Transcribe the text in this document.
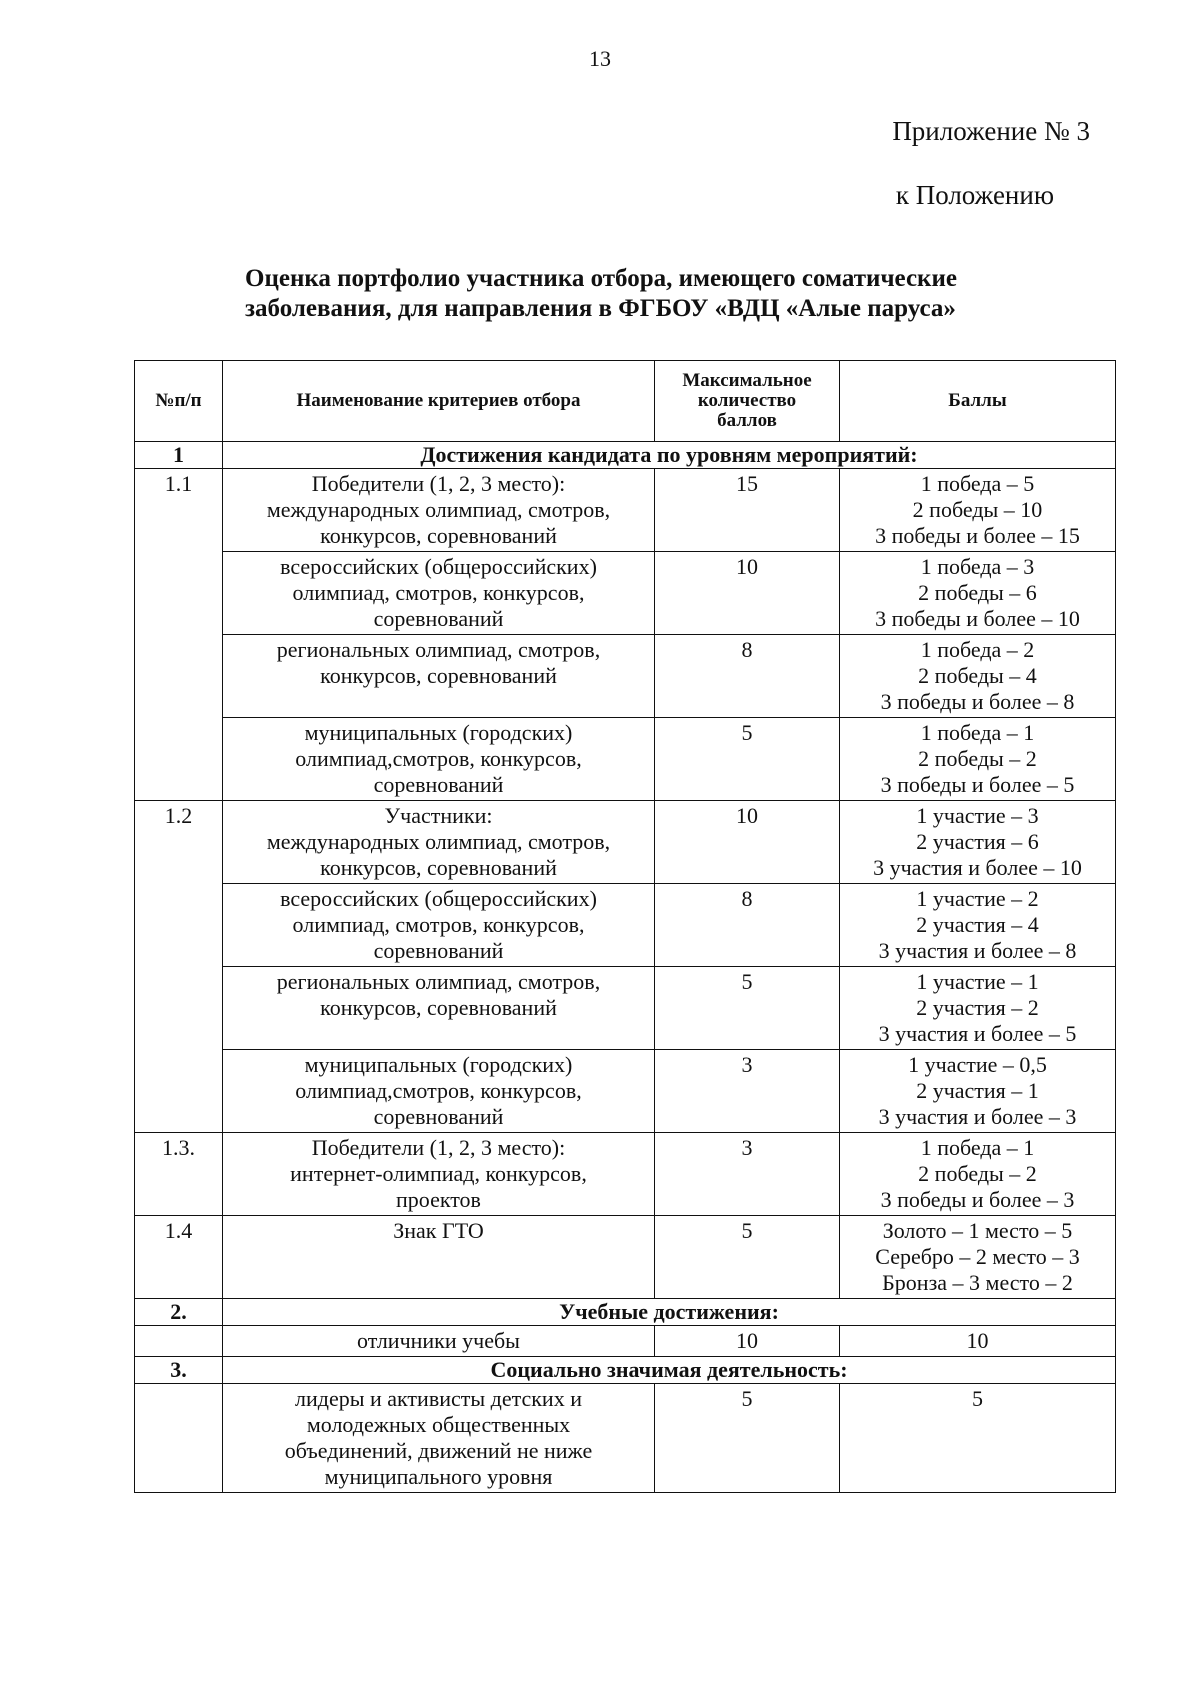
13
Приложение № 3
к Положению
Оценка портфолио участника отбора, имеющего соматические
заболевания, для направления в ФГБОУ «ВДЦ «Алые паруса»
№п/п	Наименование критериев отбора	Максимальное
количество
баллов	Баллы
1	Достижения кандидата по уровням мероприятий:		
1.1	Победители (1, 2, 3 место):
международных олимпиад, смотров,
конкурсов, соревнований	15	1 победа – 5
2 победы – 10
3 победы и более – 15

	всероссийских (общероссийских)
олимпиад, смотров, конкурсов,
соревнований	10	1 победа – 3
2 победы – 6
3 победы и более – 10

	региональных олимпиад, смотров,
конкурсов, соревнований	8	1 победа – 2
2 победы – 4
3 победы и более – 8

	муниципальных (городских)
олимпиад,смотров, конкурсов,
соревнований	5	1 победа – 1
2 победы – 2
3 победы и более – 5

1.2	Участники:
международных олимпиад, смотров,
конкурсов, соревнований	10	1 участие – 3
2 участия – 6
3 участия и более – 10

	всероссийских (общероссийских)
олимпиад, смотров, конкурсов,
соревнований	8	1 участие – 2
2 участия – 4
3 участия и более – 8

	региональных олимпиад, смотров,
конкурсов, соревнований	5	1 участие – 1
2 участия – 2
3 участия и более – 5

	муниципальных (городских)
олимпиад,смотров, конкурсов,
соревнований	3	1 участие – 0,5
2 участия – 1
3 участия и более – 3

1.3.	Победители (1, 2, 3 место):
интернет-олимпиад, конкурсов,
проектов	3	1 победа – 1
2 победы – 2
3 победы и более – 3

1.4	Знак ГТО	5	Золото – 1 место – 5
Серебро – 2 место – 3
Бронза – 3 место – 2

2.	Учебные достижения:		
	отличники учебы	10	10
3.	Социально значимая деятельность:		

	лидеры и активисты детских и
молодежных общественных
объединений, движений не ниже
муниципального уровня	5	5
